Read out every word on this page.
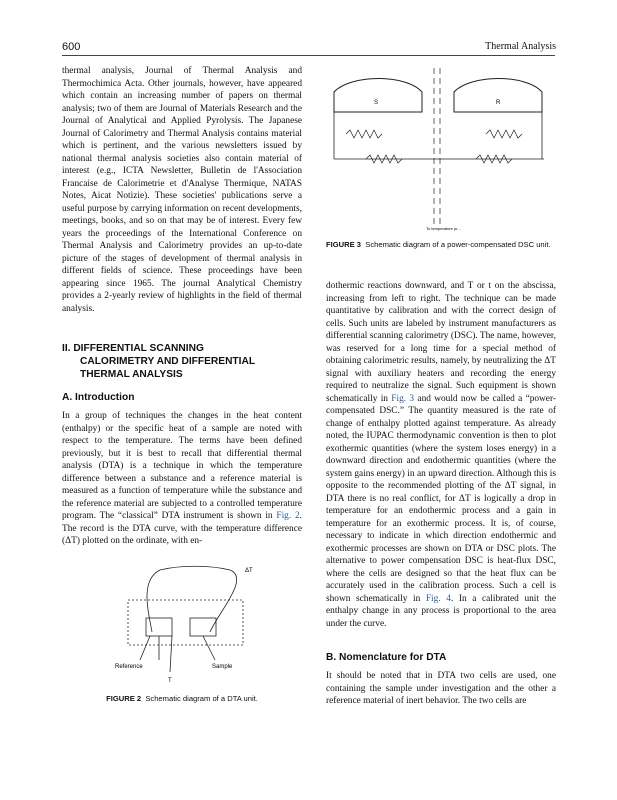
600	Thermal Analysis

thermal analysis, Journal of Thermal Analysis and Thermochimica Acta. Other journals, however, have appeared which contain an increasing number of papers on thermal analysis; two of them are Journal of Materials Research and the Journal of Analytical and Applied Pyrolysis. The Japanese Journal of Calorimetry and Thermal Analysis contains material which is pertinent, and the various newsletters issued by national thermal analysis societies also contain material of interest (e.g., ICTA Newsletter, Bulletin de l'Association Francaise de Calorimetrie et d'Analyse Thermique, NATAS Notes, Aicat Notizie). These societies' publications serve a useful purpose by carrying information on recent developments, meetings, books, and so on that may be of interest. Every few years the proceedings of the International Conference on Thermal Analysis and Calorimetry provides an up-to-date picture of the stages of development of thermal analysis in different fields of science. These proceedings have been appearing since 1965. The journal Analytical Chemistry provides a 2-yearly review of highlights in the field of thermal analysis.

II. DIFFERENTIAL SCANNING
CALORIMETRY AND DIFFERENTIAL
THERMAL ANALYSIS
A. Introduction

In a group of techniques the changes in the heat content (enthalpy) or the specific heat of a sample are noted with respect to the temperature. The terms have been defined previously, but it is best to recall that differential thermal analysis (DTA) is a technique in which the temperature difference between a substance and a reference material is measured as a function of temperature while the substance and the reference material are subjected to a controlled temperature program. The “classical” DTA instrument is shown in Fig. 2. The record is the DTA curve, with the temperature difference (ΔT) plotted on the ordinate, with en-

ΔT
Reference	Sample
T
FIGURE 2 Schematic diagram of a DTA unit.
S	R
To temperature pr...
FIGURE 3 Schematic diagram of a power-compensated DSC unit.

dothermic reactions downward, and T or t on the abscissa, increasing from left to right. The technique can be made quantitative by calibration and with the correct design of cells. Such units are labeled by instrument manufacturers as differential scanning calorimetry (DSC). The name, however, was reserved for a long time for a special method of obtaining calorimetric results, namely, by neutralizing the ΔT signal with auxiliary heaters and recording the energy required to neutralize the signal. Such equipment is shown schematically in Fig. 3 and would now be called a “power-compensated DSC.” The quantity measured is the rate of change of enthalpy plotted against temperature. As already noted, the IUPAC thermodynamic convention is then to plot exothermic quantities (where the system loses energy) in a downward direction and endothermic quantities (where the system gains energy) in an upward direction. Although this is opposite to the recommended plotting of the ΔT signal, in DTA there is no real conflict, for ΔT is logically a drop in temperature for an endothermic process and a gain in temperature for an exothermic process. It is, of course, necessary to indicate in which direction endothermic and exothermic processes are shown on DTA or DSC plots. The alternative to power compensation DSC is heat-flux DSC, where the cells are designed so that the heat flux can be accurately used in the calibration process. Such a cell is shown schematically in Fig. 4. In a calibrated unit the enthalpy change in any process is proportional to the area under the curve.

B. Nomenclature for DTA

It should be noted that in DTA two cells are used, one containing the sample under investigation and the other a reference material of inert behavior. The two cells are
